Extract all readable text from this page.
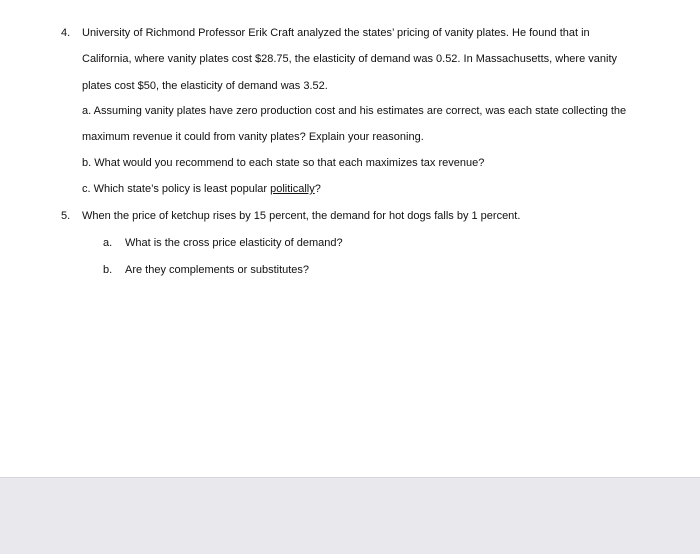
4. University of Richmond Professor Erik Craft analyzed the states’ pricing of vanity plates. He found that in
California, where vanity plates cost $28.75, the elasticity of demand was 0.52. In Massachusetts, where vanity
plates cost $50, the elasticity of demand was 3.52.
a. Assuming vanity plates have zero production cost and his estimates are correct, was each state collecting the
maximum revenue it could from vanity plates? Explain your reasoning.
b. What would you recommend to each state so that each maximizes tax revenue?
c. Which state’s policy is least popular politically?
5. When the price of ketchup rises by 15 percent, the demand for hot dogs falls by 1 percent.
a. What is the cross price elasticity of demand?
b. Are they complements or substitutes?
